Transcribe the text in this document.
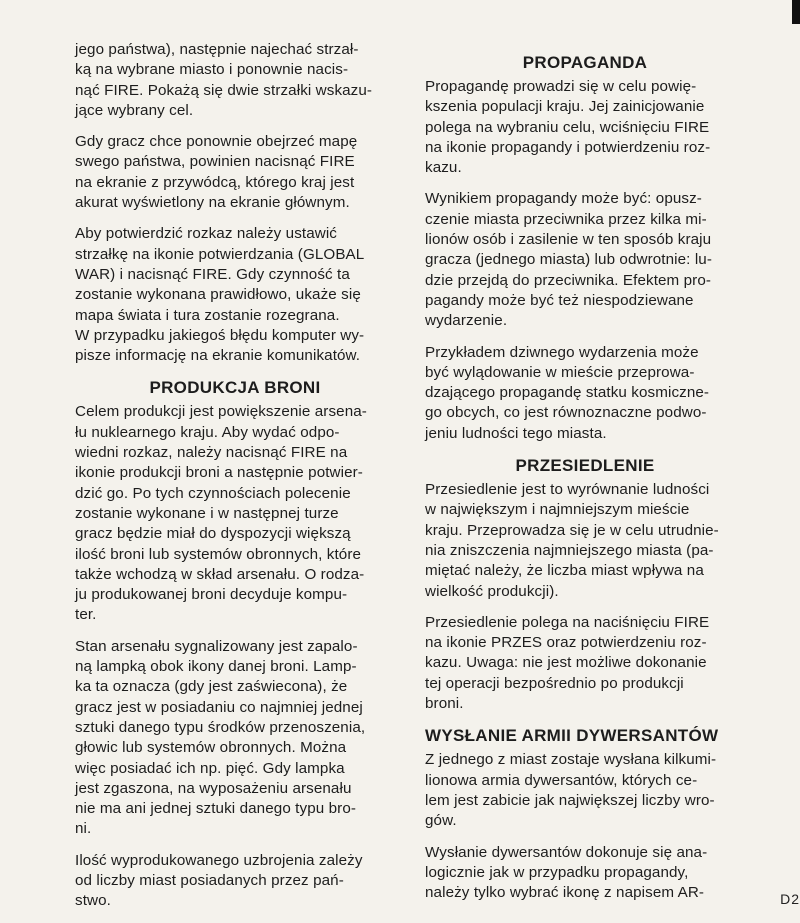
jego państwa), następnie najechać strzał-
ką na wybrane miasto i ponownie nacis-
nąć FIRE. Pokażą się dwie strzałki wskazu-
jące wybrany cel.

Gdy gracz chce ponownie obejrzeć mapę
swego państwa, powinien nacisnąć FIRE
na ekranie z przywódcą, którego kraj jest
akurat wyświetlony na ekranie głównym.

Aby potwierdzić rozkaz należy ustawić
strzałkę na ikonie potwierdzania (GLOBAL
WAR) i nacisnąć FIRE. Gdy czynność ta
zostanie wykonana prawidłowo, ukaże się
mapa świata i tura zostanie rozegrana.
W przypadku jakiegoś błędu komputer wy-
pisze informację na ekranie komunikatów.

PRODUKCJA BRONI

Celem produkcji jest powiększenie arsena-
łu nuklearnego kraju. Aby wydać odpo-
wiedni rozkaz, należy nacisnąć FIRE na
ikonie produkcji broni a następnie potwier-
dzić go. Po tych czynnościach polecenie
zostanie wykonane i w następnej turze
gracz będzie miał do dyspozycji większą
ilość broni lub systemów obronnych, które
także wchodzą w skład arsenału. O rodza-
ju produkowanej broni decyduje kompu-
ter.

Stan arsenału sygnalizowany jest zapalo-
ną lampką obok ikony danej broni. Lamp-
ka ta oznacza (gdy jest zaświecona), że
gracz jest w posiadaniu co najmniej jednej
sztuki danego typu środków przenoszenia,
głowic lub systemów obronnych. Można
więc posiadać ich np. pięć. Gdy lampka
jest zgaszona, na wyposażeniu arsenału
nie ma ani jednej sztuki danego typu bro-
ni.

Ilość wyprodukowanego uzbrojenia zależy
od liczby miast posiadanych przez pań-
stwo.

PROPAGANDA

Propagandę prowadzi się w celu powię-
kszenia populacji kraju. Jej zainicjowanie
polega na wybraniu celu, wciśnięciu FIRE
na ikonie propagandy i potwierdzeniu roz-
kazu.

Wynikiem propagandy może być: opusz-
czenie miasta przeciwnika przez kilka mi-
lionów osób i zasilenie w ten sposób kraju
gracza (jednego miasta) lub odwrotnie: lu-
dzie przejdą do przeciwnika. Efektem pro-
pagandy może być też niespodziewane
wydarzenie.

Przykładem dziwnego wydarzenia może
być wylądowanie w mieście przeprowa-
dzającego propagandę statku kosmiczne-
go obcych, co jest równoznaczne podwo-
jeniu ludności tego miasta.

PRZESIEDLENIE

Przesiedlenie jest to wyrównanie ludności
w największym i najmniejszym mieście
kraju. Przeprowadza się je w celu utrudnie-
nia zniszczenia najmniejszego miasta (pa-
miętać należy, że liczba miast wpływa na
wielkość produkcji).

Przesiedlenie polega na naciśnięciu FIRE
na ikonie PRZES oraz potwierdzeniu roz-
kazu. Uwaga: nie jest możliwe dokonanie
tej operacji bezpośrednio po produkcji
broni.

WYSŁANIE ARMII DYWERSANTÓW

Z jednego z miast zostaje wysłana kilkumi-
lionowa armia dywersantów, których ce-
lem jest zabicie jak największej liczby wro-
gów.

Wysłanie dywersantów dokonuje się ana-
logicznie jak w przypadku propagandy,
należy tylko wybrać ikonę z napisem AR-	D2
